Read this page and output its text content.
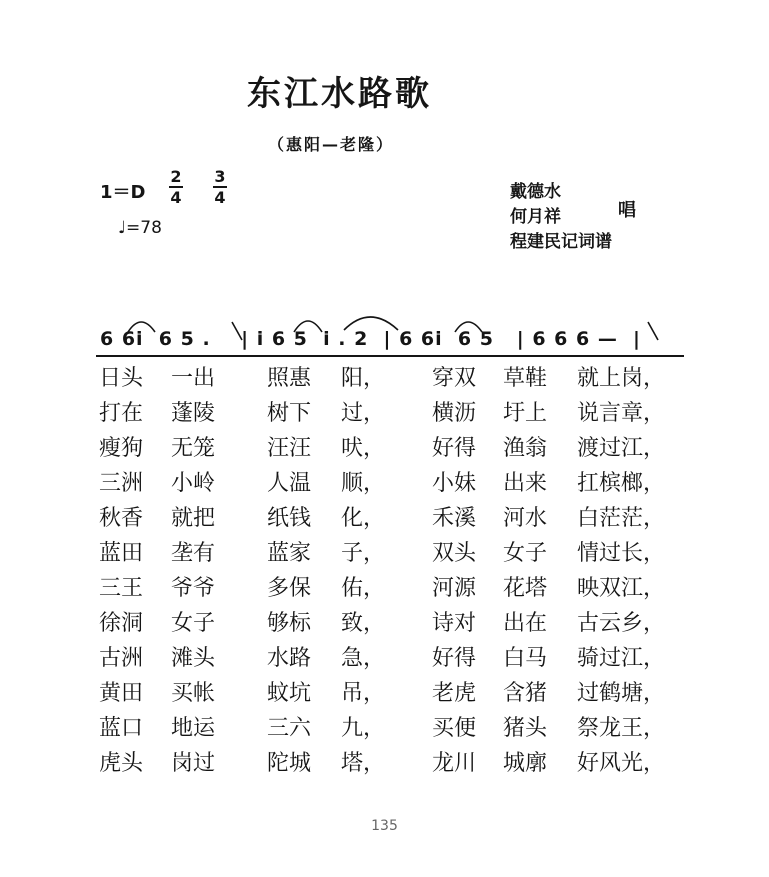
东江水路歌
（惠阳—老隆）
1＝D
2
4
3
4
♩=78
戴德水
何月祥
程建民记词谱
唱
6 6i  6 5 .    | i 6 5  i . 2  | 6 6i  6 5   | 6 6 6 —  |
日头 一出 照惠 阳， 穿双 草鞋 就上岗，
打在 蓬陵 树下 过， 横沥 圩上 说言章，
瘦狗 无笼 汪汪 吠， 好得 渔翁 渡过江，
三洲 小岭 人温 顺， 小妹 出来 扛槟榔，
秋香 就把 纸钱 化， 禾溪 河水 白茫茫，
蓝田 垄有 蓝家 子， 双头 女子 情过长，
三王 爷爷 多保 佑， 河源 花塔 映双江，
徐洞 女子 够标 致， 诗对 出在 古云乡，
古洲 滩头 水路 急， 好得 白马 骑过江，
黄田 买帐 蚊坑 吊， 老虎 含猪 过鹤塘，
蓝口 地运 三六 九， 买便 猪头 祭龙王，
虎头 岗过 陀城 塔， 龙川 城廓 好风光，
135
